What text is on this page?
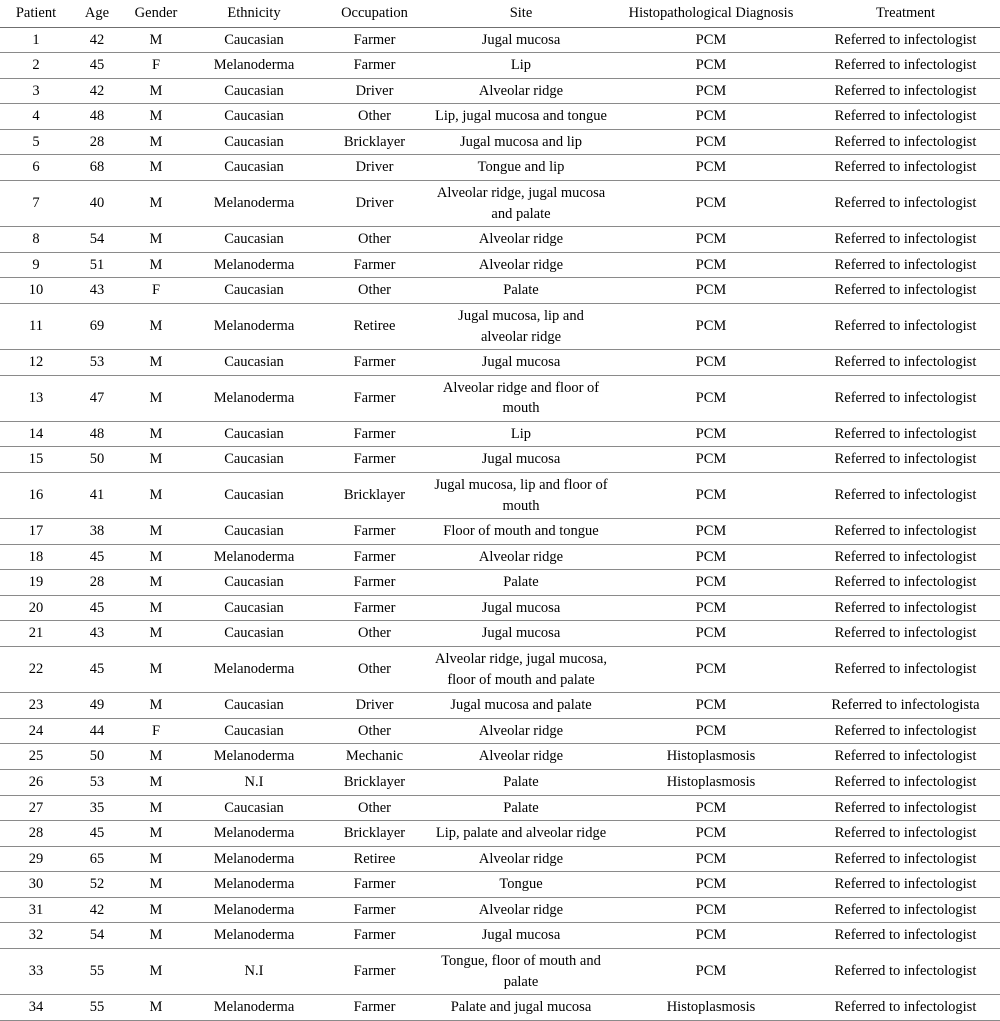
Patient	Age	Gender	Ethnicity	Occupation	Site	Histopathological Diagnosis	Treatment
1	42	M	Caucasian	Farmer	Jugal mucosa	PCM	Referred to infectologist
2	45	F	Melanoderma	Farmer	Lip	PCM	Referred to infectologist
3	42	M	Caucasian	Driver	Alveolar ridge	PCM	Referred to infectologist
4	48	M	Caucasian	Other	Lip, jugal mucosa and tongue	PCM	Referred to infectologist
5	28	M	Caucasian	Bricklayer	Jugal mucosa and lip	PCM	Referred to infectologist
6	68	M	Caucasian	Driver	Tongue and lip	PCM	Referred to infectologist
7	40	M	Melanoderma	Driver	Alveolar ridge, jugal mucosa and palate	PCM	Referred to infectologist
8	54	M	Caucasian	Other	Alveolar ridge	PCM	Referred to infectologist
9	51	M	Melanoderma	Farmer	Alveolar ridge	PCM	Referred to infectologist
10	43	F	Caucasian	Other	Palate	PCM	Referred to infectologist
11	69	M	Melanoderma	Retiree	Jugal mucosa, lip and alveolar ridge	PCM	Referred to infectologist
12	53	M	Caucasian	Farmer	Jugal mucosa	PCM	Referred to infectologist
13	47	M	Melanoderma	Farmer	Alveolar ridge and floor of mouth	PCM	Referred to infectologist
14	48	M	Caucasian	Farmer	Lip	PCM	Referred to infectologist
15	50	M	Caucasian	Farmer	Jugal mucosa	PCM	Referred to infectologist
16	41	M	Caucasian	Bricklayer	Jugal mucosa, lip and floor of mouth	PCM	Referred to infectologist
17	38	M	Caucasian	Farmer	Floor of mouth and tongue	PCM	Referred to infectologist
18	45	M	Melanoderma	Farmer	Alveolar ridge	PCM	Referred to infectologist
19	28	M	Caucasian	Farmer	Palate	PCM	Referred to infectologist
20	45	M	Caucasian	Farmer	Jugal mucosa	PCM	Referred to infectologist
21	43	M	Caucasian	Other	Jugal mucosa	PCM	Referred to infectologist
22	45	M	Melanoderma	Other	Alveolar ridge, jugal mucosa, floor of mouth and palate	PCM	Referred to infectologist
23	49	M	Caucasian	Driver	Jugal mucosa and palate	PCM	Referred to infectologista
24	44	F	Caucasian	Other	Alveolar ridge	PCM	Referred to infectologist
25	50	M	Melanoderma	Mechanic	Alveolar ridge	Histoplasmosis	Referred to infectologist
26	53	M	N.I	Bricklayer	Palate	Histoplasmosis	Referred to infectologist
27	35	M	Caucasian	Other	Palate	PCM	Referred to infectologist
28	45	M	Melanoderma	Bricklayer	Lip, palate and alveolar ridge	PCM	Referred to infectologist
29	65	M	Melanoderma	Retiree	Alveolar ridge	PCM	Referred to infectologist
30	52	M	Melanoderma	Farmer	Tongue	PCM	Referred to infectologist
31	42	M	Melanoderma	Farmer	Alveolar ridge	PCM	Referred to infectologist
32	54	M	Melanoderma	Farmer	Jugal mucosa	PCM	Referred to infectologist
33	55	M	N.I	Farmer	Tongue, floor of mouth and palate	PCM	Referred to infectologist
34	55	M	Melanoderma	Farmer	Palate and jugal mucosa	Histoplasmosis	Referred to infectologist
